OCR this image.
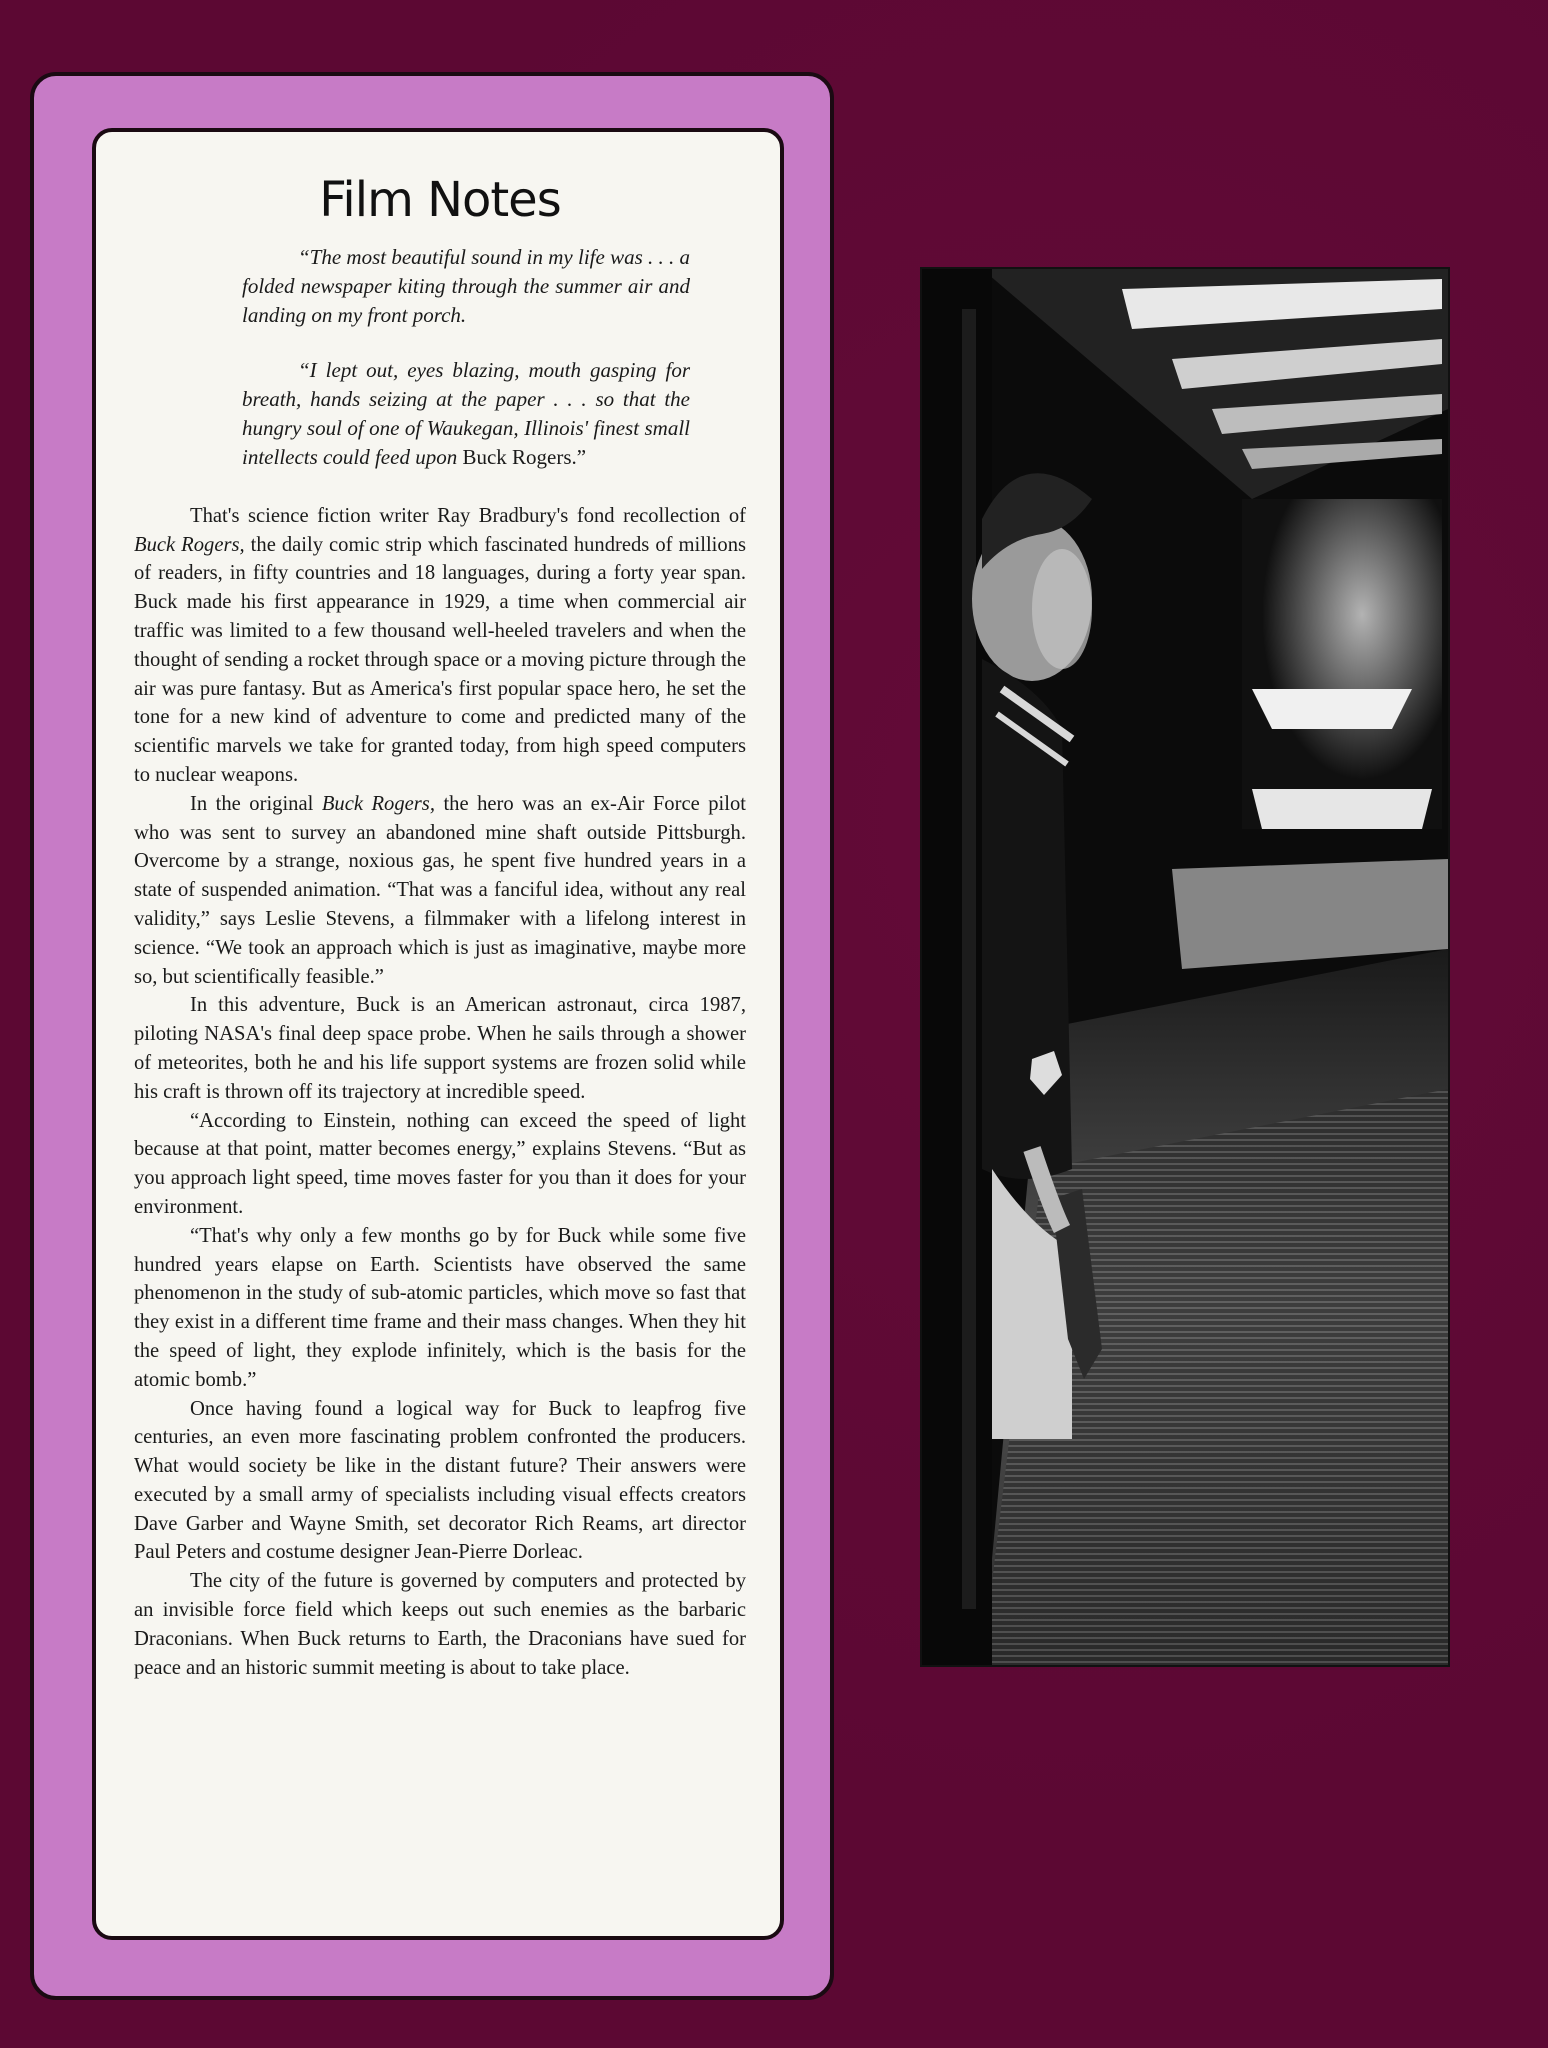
Film Notes

“The most beautiful sound in my life was . . . a folded newspaper kiting through the summer air and landing on my front porch.

“I lept out, eyes blazing, mouth gasping for breath, hands seizing at the paper . . . so that the hungry soul of one of Waukegan, Illinois' finest small intellects could feed upon Buck Rogers.”

That's science fiction writer Ray Bradbury's fond recollection of Buck Rogers, the daily comic strip which fascinated hundreds of millions of readers, in fifty countries and 18 languages, during a forty year span. Buck made his first appearance in 1929, a time when commercial air traffic was limited to a few thousand well-heeled travelers and when the thought of sending a rocket through space or a moving picture through the air was pure fantasy. But as America's first popular space hero, he set the tone for a new kind of adventure to come and predicted many of the scientific marvels we take for granted today, from high speed computers to nuclear weapons.

In the original Buck Rogers, the hero was an ex-Air Force pilot who was sent to survey an abandoned mine shaft outside Pittsburgh. Overcome by a strange, noxious gas, he spent five hundred years in a state of suspended animation. “That was a fanciful idea, without any real validity,” says Leslie Stevens, a filmmaker with a lifelong interest in science. “We took an approach which is just as imaginative, maybe more so, but scientifically feasible.”

In this adventure, Buck is an American astronaut, circa 1987, piloting NASA's final deep space probe. When he sails through a shower of meteorites, both he and his life support systems are frozen solid while his craft is thrown off its trajectory at incredible speed.

“According to Einstein, nothing can exceed the speed of light because at that point, matter becomes energy,” explains Stevens. “But as you approach light speed, time moves faster for you than it does for your environment.

“That's why only a few months go by for Buck while some five hundred years elapse on Earth. Scientists have observed the same phenomenon in the study of sub-atomic particles, which move so fast that they exist in a different time frame and their mass changes. When they hit the speed of light, they explode infinitely, which is the basis for the atomic bomb.”

Once having found a logical way for Buck to leapfrog five centuries, an even more fascinating problem confronted the producers. What would society be like in the distant future? Their answers were executed by a small army of specialists including visual effects creators Dave Garber and Wayne Smith, set decorator Rich Reams, art director Paul Peters and costume designer Jean-Pierre Dorleac.

The city of the future is governed by computers and protected by an invisible force field which keeps out such enemies as the barbaric Draconians. When Buck returns to Earth, the Draconians have sued for peace and an historic summit meeting is about to take place.
